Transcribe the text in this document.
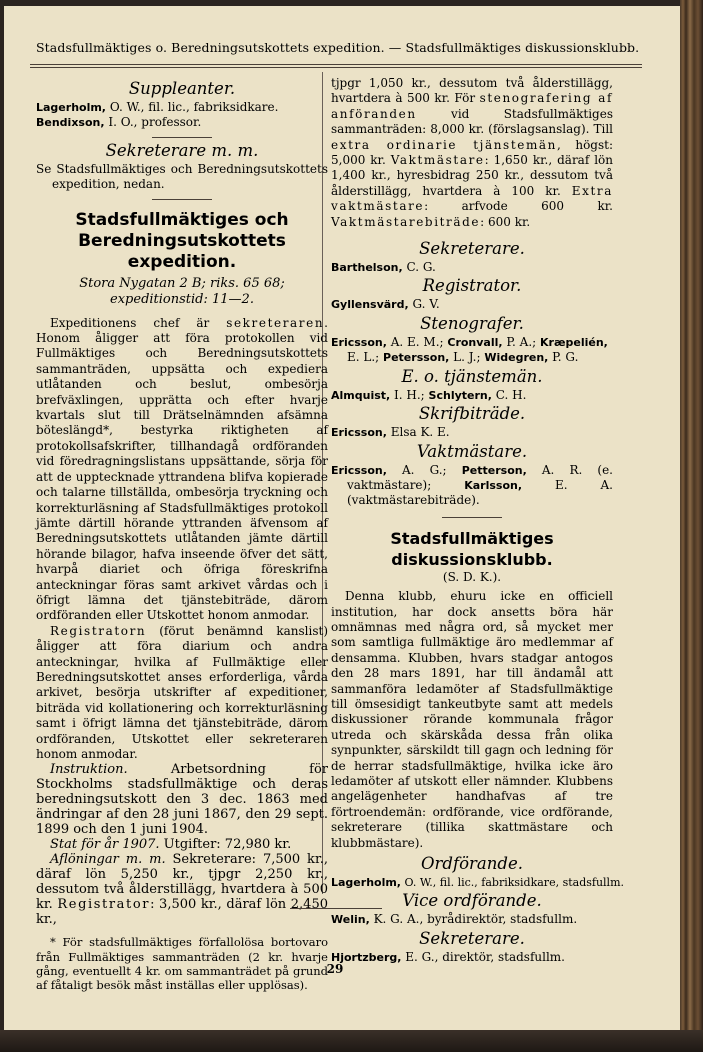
Stadsfullmäktiges o. Beredningsutskottets expedition. — Stadsfullmäktiges diskussionsklubb.
Suppleanter.
Lagerholm, O. W., fil. lic., fabriksidkare.
Bendixson, I. O., professor.
Sekreterare m. m.
Se Stadsfullmäktiges och Beredningsutskottets expedition, nedan.
Stadsfullmäktiges och Beredningsutskottets expedition.
Stora Nygatan 2 B; riks. 65 68; expeditionstid: 11—2.
Expeditionens chef är sekreteraren. Honom åligger att föra protokollen vid Fullmäktiges och Beredningsutskottets sammanträden, uppsätta och expediera utlåtanden och beslut, ombesörja brefväxlingen, upprätta och efter hvarje kvartals slut till Drätselnämnden afsämna böteslängd*, bestyrka riktigheten af protokollsafskrifter, tillhandagå ordföranden vid föredragningslistans uppsättande, sörja för att de upptecknade yttrandena blifva kopierade och talarne tillställda, ombesörja tryckning och korrekturläsning af Stadsfullmäktiges protokoll jämte därtill hörande yttranden äfvensom af Beredningsutskottets utlåtanden jämte därtill hörande bilagor, hafva inseende öfver det sätt, hvarpå diariet och öfriga föreskrifna anteckningar föras samt arkivet vårdas och i öfrigt lämna det tjänstebiträde, därom ordföranden eller Utskottet honom anmodar.
Registratorn (förut benämnd kanslist) åligger att föra diarium och andra anteckningar, hvilka af Fullmäktige eller Beredningsutskottet anses erforderliga, vårda arkivet, besörja utskrifter af expeditioner, biträda vid kollationering och korrekturläsning samt i öfrigt lämna det tjänstebiträde, därom ordföranden, Utskottet eller sekreteraren honom anmodar.
Instruktion. Arbetsordning för Stockholms stadsfullmäktige och deras beredningsutskott den 3 dec. 1863 med ändringar af den 28 juni 1867, den 29 sept. 1899 och den 1 juni 1904.
Stat för år 1907. Utgifter: 72,980 kr.
Aflöningar m. m. Sekreterare: 7,500 kr., däraf lön 5,250 kr., tjpgr 2,250 kr., dessutom två ålderstillägg, hvartdera à 500 kr. Registrator: 3,500 kr., däraf lön 2,450 kr.,
* För stadsfullmäktiges förfallolösa bortovaro från Fullmäktiges sammanträden (2 kr. hvarje gång, eventuellt 4 kr. om sammanträdet på grund af fåtaligt besök måst inställas eller upplösas).
tjpgr 1,050 kr., dessutom två ålderstillägg, hvartdera à 500 kr. För stenografering af anföranden vid Stadsfullmäktiges sammanträden: 8,000 kr. (förslagsanslag). Till extra ordinarie tjänstemän, högst: 5,000 kr. Vaktmästare: 1,650 kr., däraf lön 1,400 kr., hyresbidrag 250 kr., dessutom två ålderstillägg, hvartdera à 100 kr. Extra vaktmästare: arfvode 600 kr. Vaktmästarebiträde: 600 kr.
Sekreterare.
Barthelson, C. G.
Registrator.
Gyllensvärd, G. V.
Stenografer.
Ericsson, A. E. M.; Cronvall, P. A.; Kræpelién, E. L.; Petersson, L. J.; Widegren, P. G.
E. o. tjänstemän.
Almquist, I. H.; Schlytern, C. H.
Skrifbiträde.
Ericsson, Elsa K. E.
Vaktmästare.
Ericsson, A. G.; Petterson, A. R. (e. vaktmästare); Karlsson, E. A. (vaktmästarebiträde).
Stadsfullmäktiges diskussionsklubb.
(S. D. K.).
Denna klubb, ehuru icke en officiell institution, har dock ansetts böra här omnämnas med några ord, så mycket mer som samtliga fullmäktige äro medlemmar af densamma. Klubben, hvars stadgar antogos den 28 mars 1891, har till ändamål att sammanföra ledamöter af Stadsfullmäktige till ömsesidigt tankeutbyte samt att medels diskussioner rörande kommunala frågor utreda och skärskåda dessa från olika synpunkter, särskildt till gagn och ledning för de herrar stadsfullmäktige, hvilka icke äro ledamöter af utskott eller nämnder. Klubbens angelägenheter handhafvas af tre förtroendemän: ordförande, vice ordförande, sekreterare (tillika skattmästare och klubbmästare).
Ordförande.
Lagerholm, O. W., fil. lic., fabriksidkare, stadsfullm.
Vice ordförande.
Welin, K. G. A., byrådirektör, stadsfullm.
Sekreterare.
Hjortzberg, E. G., direktör, stadsfullm.
29
